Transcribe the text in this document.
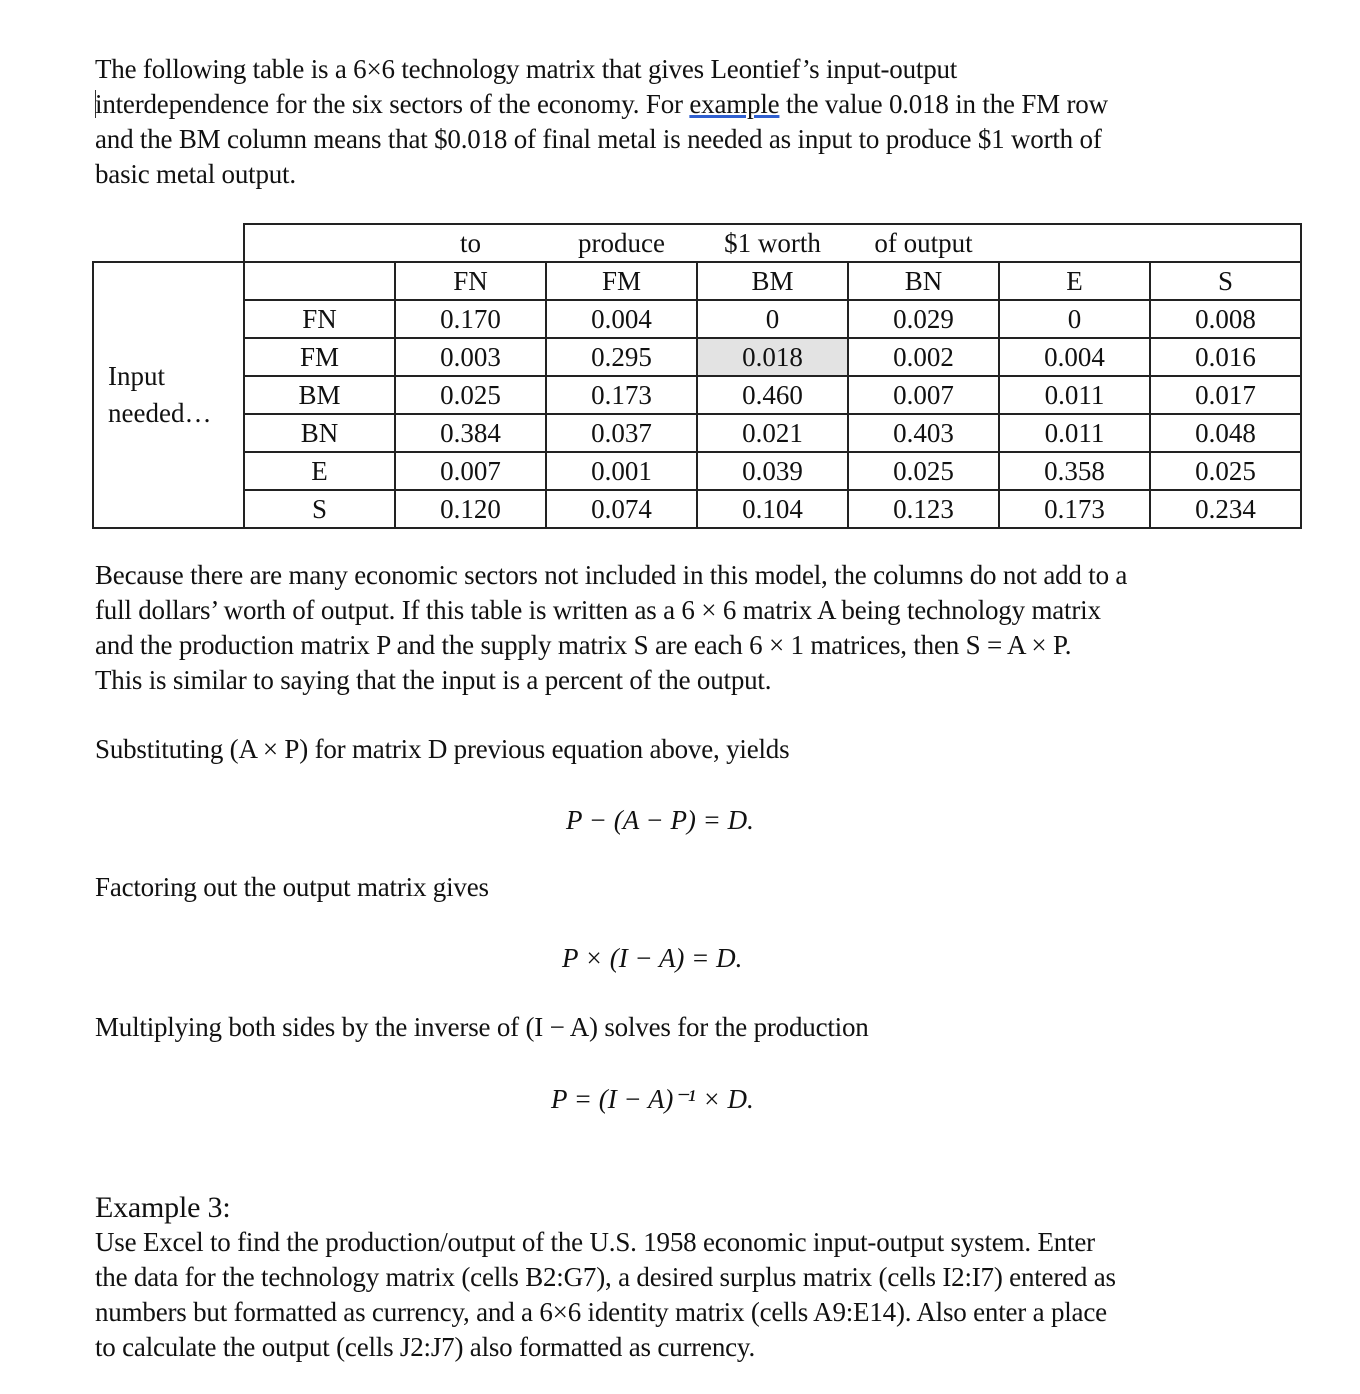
The following table is a 6×6 technology matrix that gives Leontief’s input-output
interdependence for the six sectors of the economy. For example the value 0.018 in the FM row
and the BM column means that $0.018 of final metal is needed as input to produce $1 worth of
basic metal output.
		to	produce	$1 worth	of output		

Input
needed…		FN	FM	BM	BN	E	S
	FN	0.170	0.004	0	0.029	0	0.008
	FM	0.003	0.295	0.018	0.002	0.004	0.016
	BM	0.025	0.173	0.460	0.007	0.011	0.017
	BN	0.384	0.037	0.021	0.403	0.011	0.048
	E	0.007	0.001	0.039	0.025	0.358	0.025
	S	0.120	0.074	0.104	0.123	0.173	0.234
Because there are many economic sectors not included in this model, the columns do not add to a
full dollars’ worth of output. If this table is written as a 6 × 6 matrix A being technology matrix
and the production matrix P and the supply matrix S are each 6 × 1 matrices, then S = A × P.
This is similar to saying that the input is a percent of the output.
Substituting (A × P) for matrix D previous equation above, yields
P − (A − P) = D.
Factoring out the output matrix gives
P × (I − A) = D.
Multiplying both sides by the inverse of (I − A) solves for the production
P = (I − A)⁻¹ × D.
Example 3:
Use Excel to find the production/output of the U.S. 1958 economic input-output system. Enter
the data for the technology matrix (cells B2:G7), a desired surplus matrix (cells I2:I7) entered as
numbers but formatted as currency, and a 6×6 identity matrix (cells A9:E14). Also enter a place
to calculate the output (cells J2:J7) also formatted as currency.
